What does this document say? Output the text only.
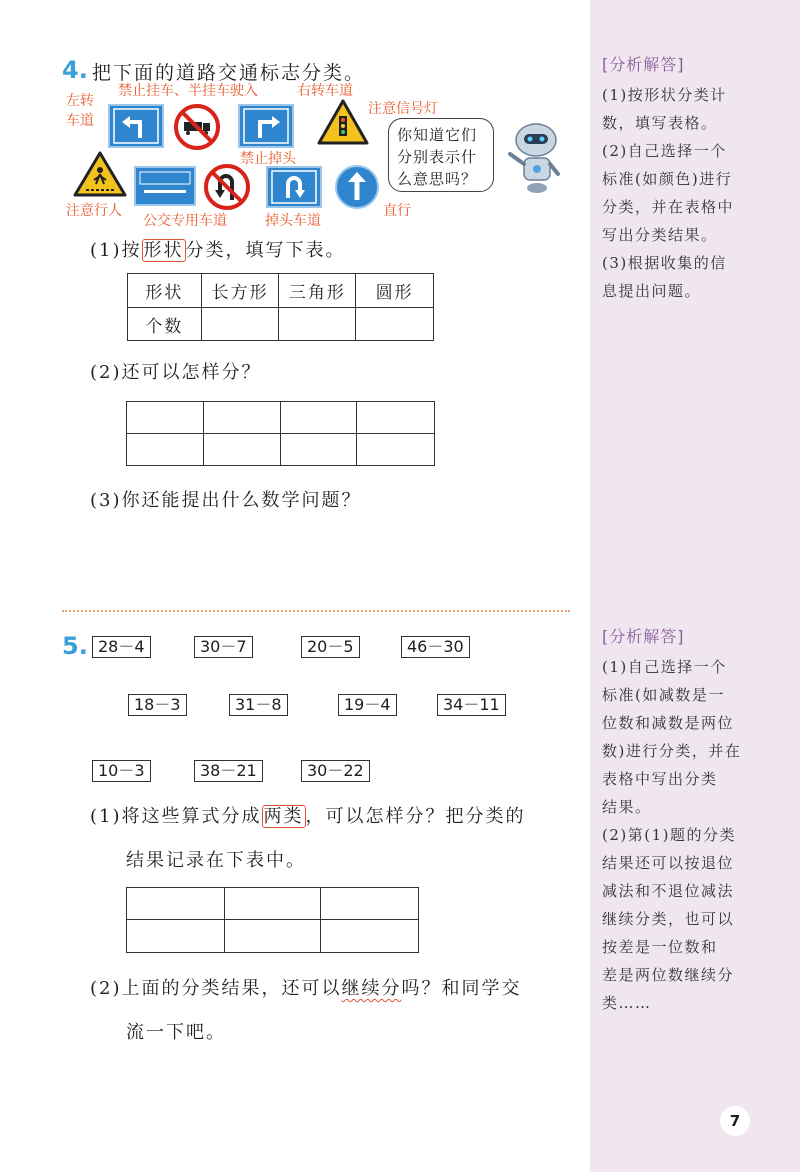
[分析解答]
(1)按形状分类计
数，填写表格。
(2)自己选择一个
标准(如颜色)进行
分类，并在表格中
写出分类结果。
(3)根据收集的信
息提出问题。
[分析解答]
(1)自己选择一个
标准(如减数是一
位数和减数是两位
数)进行分类，并在
表格中写出分类
结果。
(2)第(1)题的分类
结果还可以按退位
减法和不退位减法
继续分类，也可以
按差是一位数和
差是两位数继续分
类……
4. 把下面的道路交通标志分类。
左转
车道
禁止挂车、半挂车驶入	右转车道
注意信号灯
注意行人
公交专用车道
禁止掉头
掉头车道
直行
你知道它们
分别表示什
么意思吗？
(1)按 形状 分类，填写下表。
形状	长方形	三角形	圆形
个数			
(2)还可以怎样分？

(3)你还能提出什么数学问题？
5. 28－4	30－7	20－5	46－30
18－3	31－8	19－4	34－11
10－3	38－21	30－22
(1)将这些算式分成 两类 ，可以怎样分？把分类的
结果记录在下表中。

(2)上面的分类结果，还可以继续分吗？和同学交
流一下吧。
7
